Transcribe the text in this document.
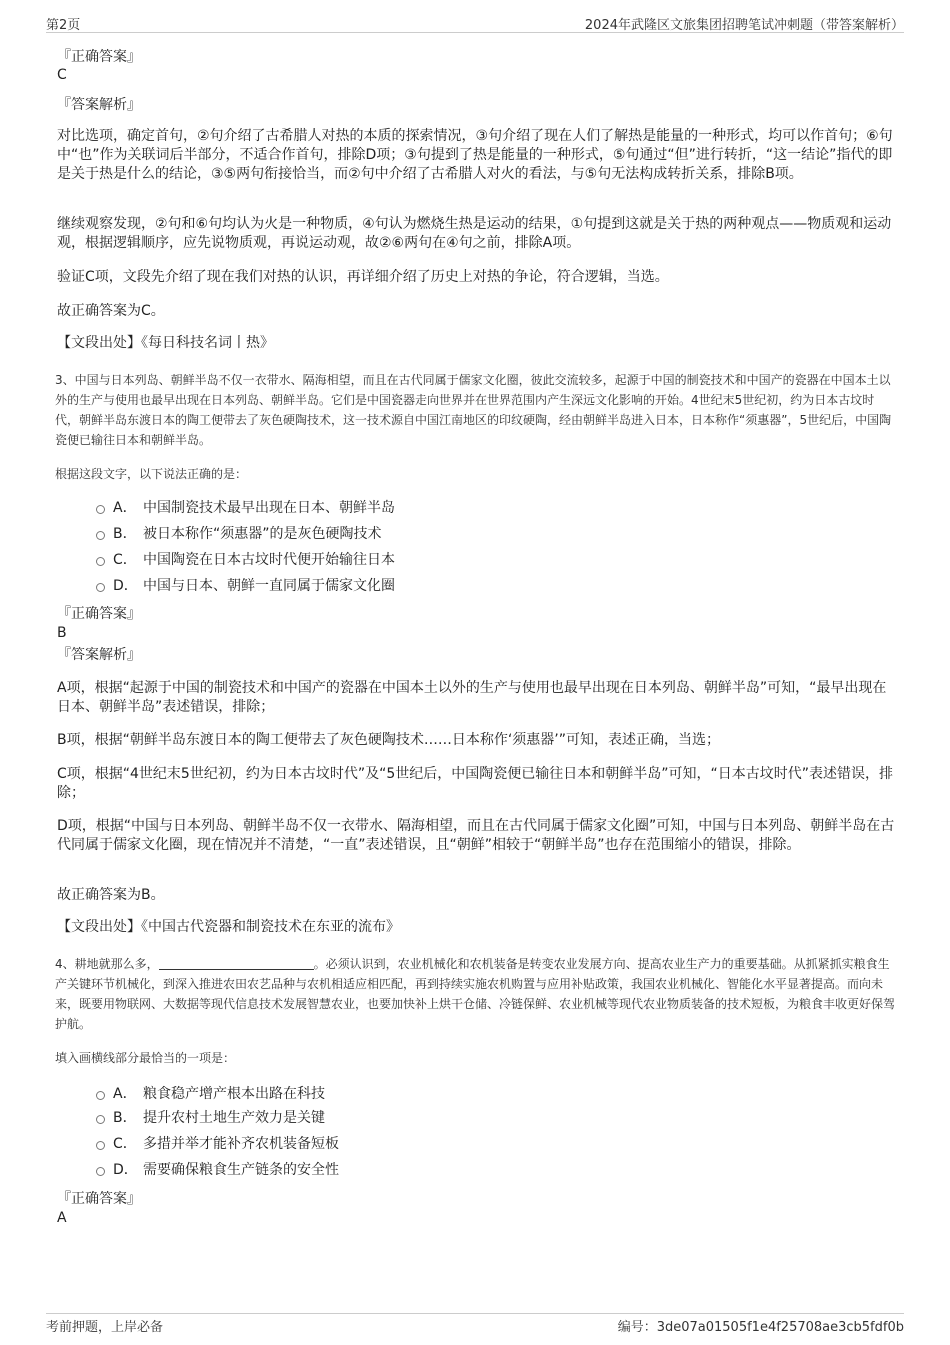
第2页	2024年武隆区文旅集团招聘笔试冲刺题（带答案解析）
『正确答案』
C
『答案解析』
对比选项，确定首句，②句介绍了古希腊人对热的本质的探索情况，③句介绍了现在人们了解热是能量的一种形式，均可以作首句；⑥句中“也”作为关联词后半部分，不适合作首句，排除D项；③句提到了热是能量的一种形式，⑤句通过“但”进行转折，“这一结论”指代的即是关于热是什么的结论，③⑤两句衔接恰当，而②句中介绍了古希腊人对火的看法，与⑤句无法构成转折关系，排除B项。
继续观察发现，②句和⑥句均认为火是一种物质，④句认为燃烧生热是运动的结果，①句提到这就是关于热的两种观点——物质观和运动观，根据逻辑顺序，应先说物质观，再说运动观，故②⑥两句在④句之前，排除A项。
验证C项，文段先介绍了现在我们对热的认识，再详细介绍了历史上对热的争论，符合逻辑，当选。
故正确答案为C。
【文段出处】《每日科技名词丨热》
3、中国与日本列岛、朝鲜半岛不仅一衣带水、隔海相望，而且在古代同属于儒家文化圈，彼此交流较多，起源于中国的制瓷技术和中国产的瓷器在中国本土以外的生产与使用也最早出现在日本列岛、朝鲜半岛。它们是中国瓷器走向世界并在世界范围内产生深远文化影响的开始。4世纪末5世纪初，约为日本古坟时代，朝鲜半岛东渡日本的陶工便带去了灰色硬陶技术，这一技术源自中国江南地区的印纹硬陶，经由朝鲜半岛进入日本，日本称作“须惠器”，5世纪后，中国陶瓷便已输往日本和朝鲜半岛。
根据这段文字，以下说法正确的是：
A． 中国制瓷技术最早出现在日本、朝鲜半岛
B． 被日本称作“须惠器”的是灰色硬陶技术
C． 中国陶瓷在日本古坟时代便开始输往日本
D． 中国与日本、朝鲜一直同属于儒家文化圈
『正确答案』
B
『答案解析』
A项，根据“起源于中国的制瓷技术和中国产的瓷器在中国本土以外的生产与使用也最早出现在日本列岛、朝鲜半岛”可知，“最早出现在日本、朝鲜半岛”表述错误，排除；
B项，根据“朝鲜半岛东渡日本的陶工便带去了灰色硬陶技术……日本称作‘须惠器’”可知，表述正确，当选；
C项，根据“4世纪末5世纪初，约为日本古坟时代”及“5世纪后，中国陶瓷便已输往日本和朝鲜半岛”可知，“日本古坟时代”表述错误，排除；
D项，根据“中国与日本列岛、朝鲜半岛不仅一衣带水、隔海相望，而且在古代同属于儒家文化圈”可知，中国与日本列岛、朝鲜半岛在古代同属于儒家文化圈，现在情况并不清楚，“一直”表述错误，且“朝鲜”相较于“朝鲜半岛”也存在范围缩小的错误，排除。
故正确答案为B。
【文段出处】《中国古代瓷器和制瓷技术在东亚的流布》
4、耕地就那么多，	。必须认识到，农业机械化和农机装备是转变农业发展方向、提高农业生产力的重要基础。从抓紧抓实粮食生产关键环节机械化，到深入推进农田农艺品种与农机相适应相匹配，再到持续实施农机购置与应用补贴政策，我国农业机械化、智能化水平显著提高。而向未来，既要用物联网、大数据等现代信息技术发展智慧农业，也要加快补上烘干仓储、冷链保鲜、农业机械等现代农业物质装备的技术短板，为粮食丰收更好保驾护航。
填入画横线部分最恰当的一项是：
A． 粮食稳产增产根本出路在科技
B． 提升农村土地生产效力是关键
C． 多措并举才能补齐农机装备短板
D． 需要确保粮食生产链条的安全性
『正确答案』
A
考前押题，上岸必备	编号：3de07a01505f1e4f25708ae3cb5fdf0b
